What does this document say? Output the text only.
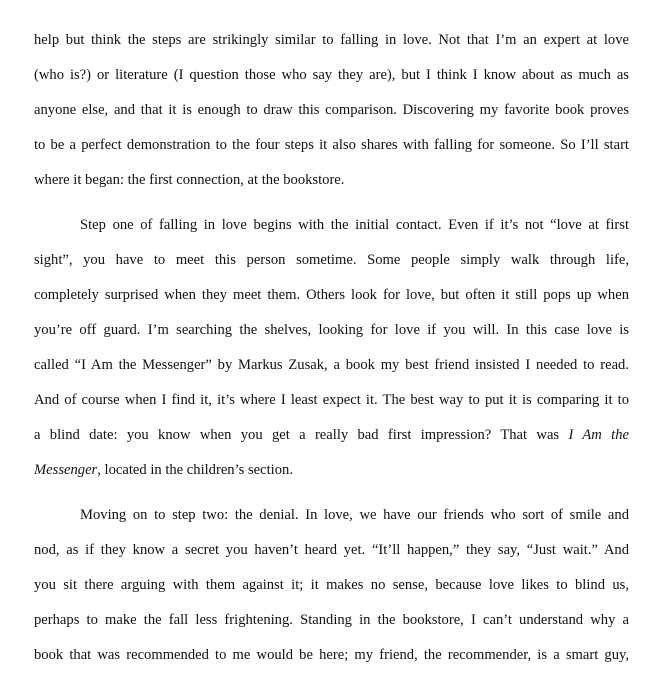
help but think the steps are strikingly similar to falling in love. Not that I’m an expert at love
(who is?) or literature (I question those who say they are), but I think I know about as much as
anyone else, and that it is enough to draw this comparison. Discovering my favorite book proves
to be a perfect demonstration to the four steps it also shares with falling for someone. So I’ll start
where it began: the first connection, at the bookstore.
Step one of falling in love begins with the initial contact. Even if it’s not “love at first
sight”, you have to meet this person sometime. Some people simply walk through life,
completely surprised when they meet them. Others look for love, but often it still pops up when
you’re off guard. I’m searching the shelves, looking for love if you will. In this case love is
called “I Am the Messenger” by Markus Zusak, a book my best friend insisted I needed to read.
And of course when I find it, it’s where I least expect it. The best way to put it is comparing it to
a blind date: you know when you get a really bad first impression? That was I Am the
Messenger, located in the children’s section.
Moving on to step two: the denial. In love, we have our friends who sort of smile and
nod, as if they know a secret you haven’t heard yet. “It’ll happen,” they say, “Just wait.” And
you sit there arguing with them against it; it makes no sense, because love likes to blind us,
perhaps to make the fall less frightening. Standing in the bookstore, I can’t understand why a
book that was recommended to me would be here; my friend, the recommender, is a smart guy,
